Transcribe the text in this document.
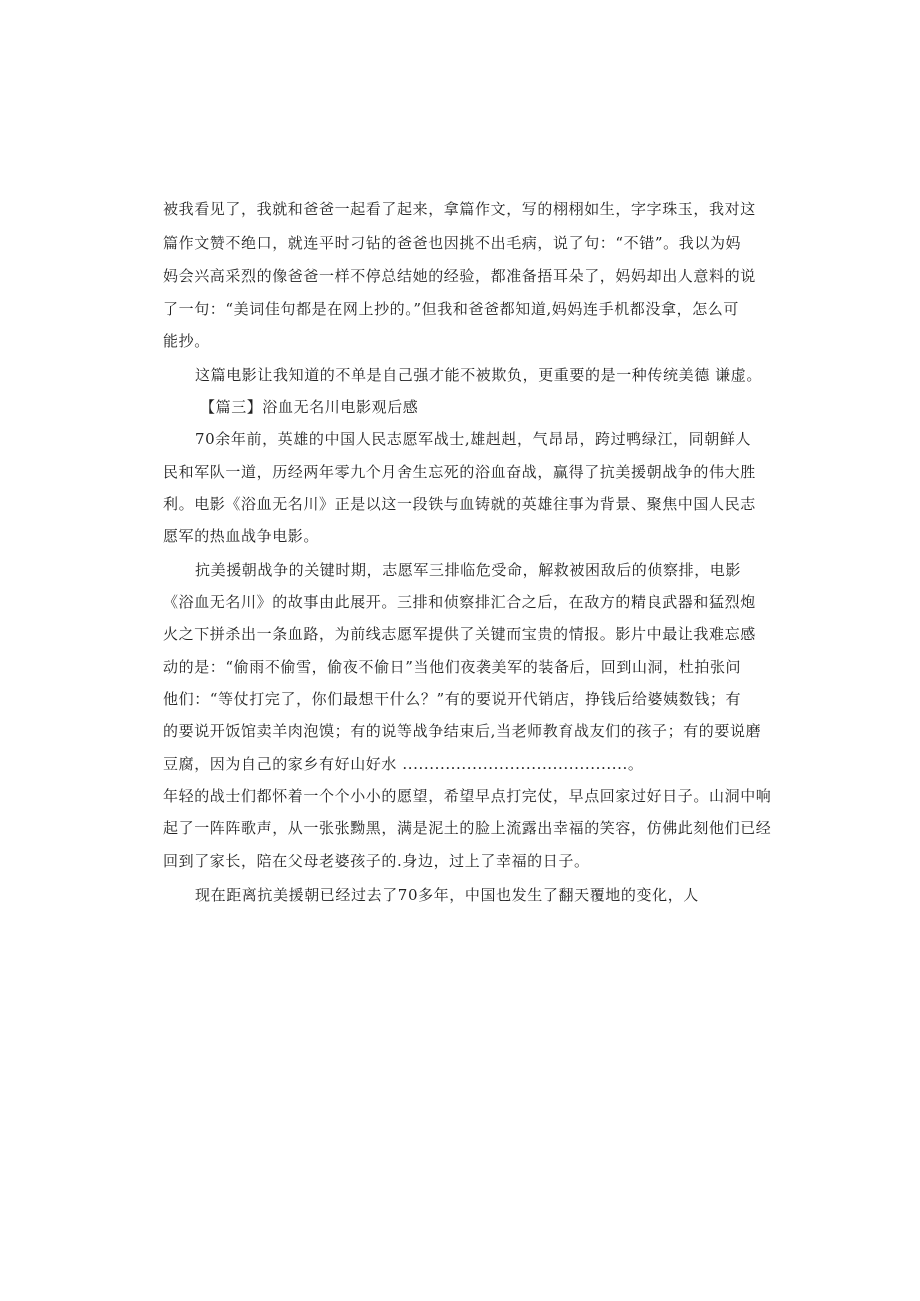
被我看见了，我就和爸爸一起看了起来，拿篇作文，写的栩栩如生，字字珠玉，我对这
篇作文赞不绝口，就连平时刁钻的爸爸也因挑不出毛病，说了句：“不错”。我以为妈
妈会兴高采烈的像爸爸一样不停总结她的经验，都准备捂耳朵了，妈妈却出人意料的说
了一句：“美词佳句都是在网上抄的。”但我和爸爸都知道,妈妈连手机都没拿，怎么可
能抄。
这篇电影让我知道的不单是自己强才能不被欺负，更重要的是一种传统美德 谦虚。
【篇三】浴血无名川电影观后感
70余年前，英雄的中国人民志愿军战士,雄赳赳，气昂昂，跨过鸭绿江，同朝鲜人
民和军队一道，历经两年零九个月舍生忘死的浴血奋战，赢得了抗美援朝战争的伟大胜
利。电影《浴血无名川》正是以这一段铁与血铸就的英雄往事为背景、聚焦中国人民志
愿军的热血战争电影。
抗美援朝战争的关键时期，志愿军三排临危受命，解救被困敌后的侦察排，电影
《浴血无名川》的故事由此展开。三排和侦察排汇合之后，在敌方的精良武器和猛烈炮
火之下拼杀出一条血路，为前线志愿军提供了关键而宝贵的情报。影片中最让我难忘感
动的是：“偷雨不偷雪，偷夜不偷日”当他们夜袭美军的装备后，回到山洞，杜拍张问
他们：“等仗打完了，你们最想干什么？”有的要说开代销店，挣钱后给婆姨数钱；有
的要说开饭馆卖羊肉泡馍；有的说等战争结束后,当老师教育战友们的孩子；有的要说磨
豆腐，因为自己的家乡有好山好水 ..........................................。
年轻的战士们都怀着一个个小小的愿望，希望早点打完仗，早点回家过好日子。山洞中响
起了一阵阵歌声，从一张张黝黑，满是泥土的脸上流露出幸福的笑容，仿佛此刻他们已经
回到了家长，陪在父母老婆孩子的.身边，过上了幸福的日子。
现在距离抗美援朝已经过去了70多年，中国也发生了翻天覆地的变化，人
